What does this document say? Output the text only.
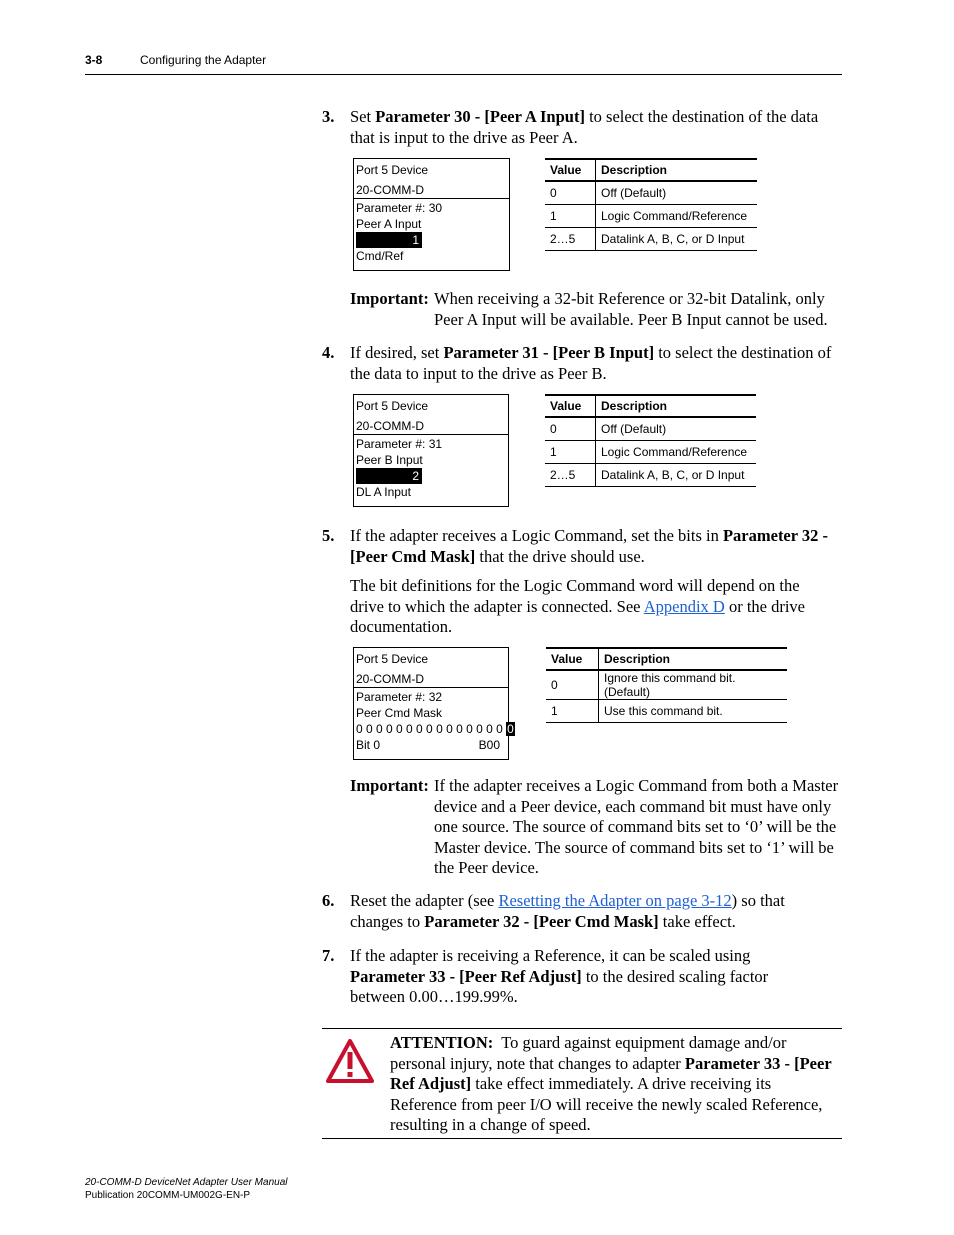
3-8	Configuring the Adapter
3. Set Parameter 30 - [Peer A Input] to select the destination of the data that is input to the drive as Peer A.
Port 5 Device
20-COMM-D
Parameter #: 30
Peer A Input
1
Cmd/Ref
Value	Description
0	Off (Default)
1	Logic Command/Reference
2…5	Datalink A, B, C, or D Input
Important: When receiving a 32-bit Reference or 32-bit Datalink, only Peer A Input will be available. Peer B Input cannot be used.
4. If desired, set Parameter 31 - [Peer B Input] to select the destination of the data to input to the drive as Peer B.
Port 5 Device
20-COMM-D
Parameter #: 31
Peer B Input
2
DL A Input
Value	Description
0	Off (Default)
1	Logic Command/Reference
2…5	Datalink A, B, C, or D Input
5. If the adapter receives a Logic Command, set the bits in Parameter 32 - [Peer Cmd Mask] that the drive should use.
The bit definitions for the Logic Command word will depend on the drive to which the adapter is connected. See Appendix D or the drive documentation.
Port 5 Device
20-COMM-D
Parameter #: 32
Peer Cmd Mask
0 0 0 0 0 0 0 0 0 0 0 0 0 0 0 0
Bit 0	B00
Value	Description
0	Ignore this command bit. (Default)
1	Use this command bit.
Important: If the adapter receives a Logic Command from both a Master device and a Peer device, each command bit must have only one source. The source of command bits set to ‘0’ will be the Master device. The source of command bits set to ‘1’ will be the Peer device.
6. Reset the adapter (see Resetting the Adapter on page 3-12) so that changes to Parameter 32 - [Peer Cmd Mask] take effect.
7. If the adapter is receiving a Reference, it can be scaled using Parameter 33 - [Peer Ref Adjust] to the desired scaling factor between 0.00…199.99%.
ATTENTION:  To guard against equipment damage and/or personal injury, note that changes to adapter Parameter 33 - [Peer Ref Adjust] take effect immediately. A drive receiving its Reference from peer I/O will receive the newly scaled Reference, resulting in a change of speed.
20-COMM-D DeviceNet Adapter User Manual
Publication 20COMM-UM002G-EN-P
